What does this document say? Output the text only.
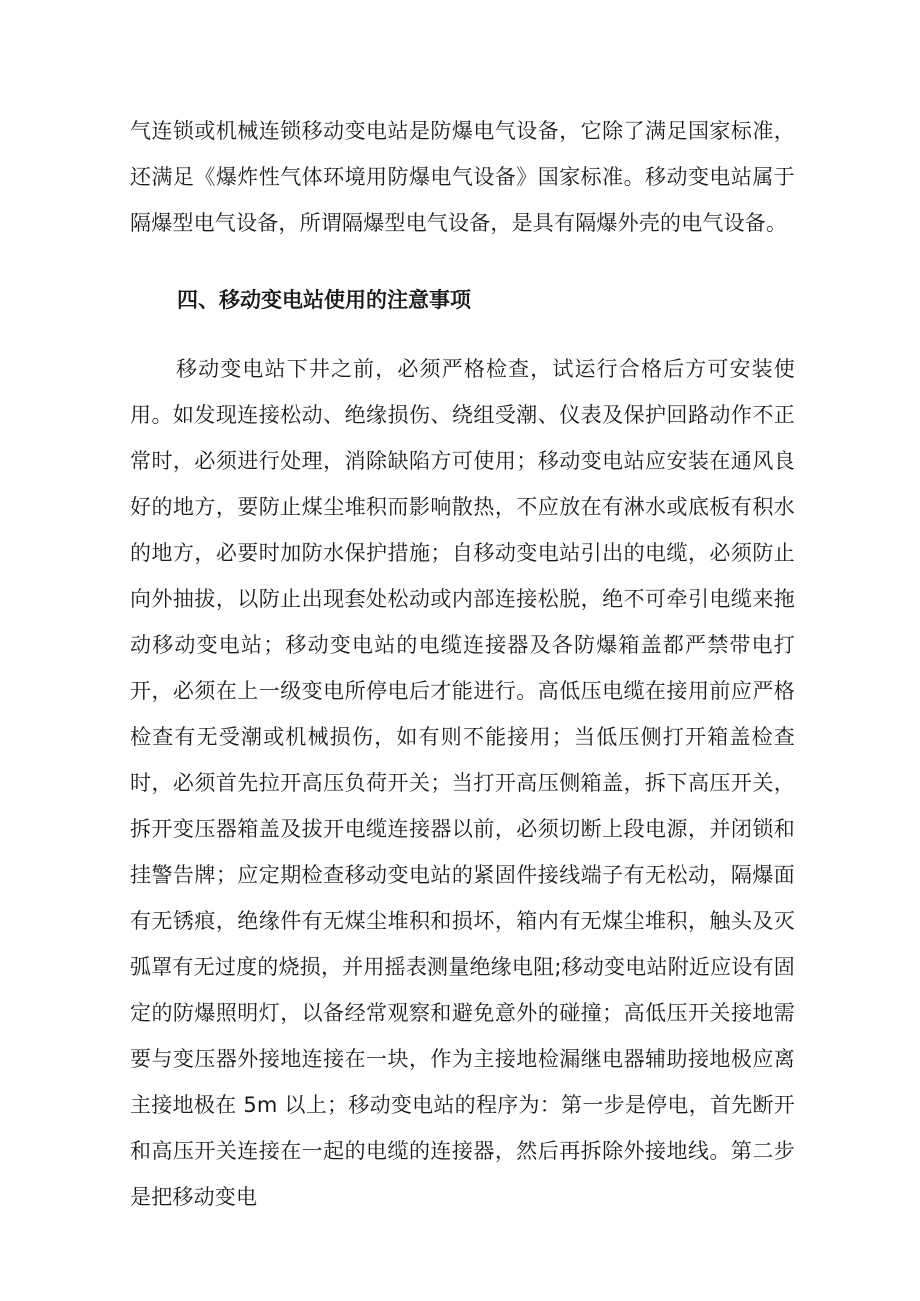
气连锁或机械连锁移动变电站是防爆电气设备，它除了满足国家标准，还满足《爆炸性气体环境用防爆电气设备》国家标准。移动变电站属于隔爆型电气设备，所谓隔爆型电气设备，是具有隔爆外壳的电气设备。

四、移动变电站使用的注意事项

移动变电站下井之前，必须严格检查，试运行合格后方可安装使用。如发现连接松动、绝缘损伤、绕组受潮、仪表及保护回路动作不正常时，必须进行处理，消除缺陷方可使用；移动变电站应安装在通风良好的地方，要防止煤尘堆积而影响散热，不应放在有淋水或底板有积水的地方，必要时加防水保护措施；自移动变电站引出的电缆，必须防止向外抽拔，以防止出现套处松动或内部连接松脱，绝不可牵引电缆来拖动移动变电站；移动变电站的电缆连接器及各防爆箱盖都严禁带电打开，必须在上一级变电所停电后才能进行。高低压电缆在接用前应严格检查有无受潮或机械损伤，如有则不能接用；当低压侧打开箱盖检查时，必须首先拉开高压负荷开关；当打开高压侧箱盖，拆下高压开关，拆开变压器箱盖及拔开电缆连接器以前，必须切断上段电源，并闭锁和挂警告牌；应定期检查移动变电站的紧固件接线端子有无松动，隔爆面有无锈痕，绝缘件有无煤尘堆积和损坏，箱内有无煤尘堆积，触头及灭弧罩有无过度的烧损，并用摇表测量绝缘电阻;移动变电站附近应设有固定的防爆照明灯，以备经常观察和避免意外的碰撞；高低压开关接地需要与变压器外接地连接在一块，作为主接地检漏继电器辅助接地极应离主接地极在 5m 以上；移动变电站的程序为：第一步是停电，首先断开和高压开关连接在一起的电缆的连接器，然后再拆除外接地线。第二步是把移动变电
